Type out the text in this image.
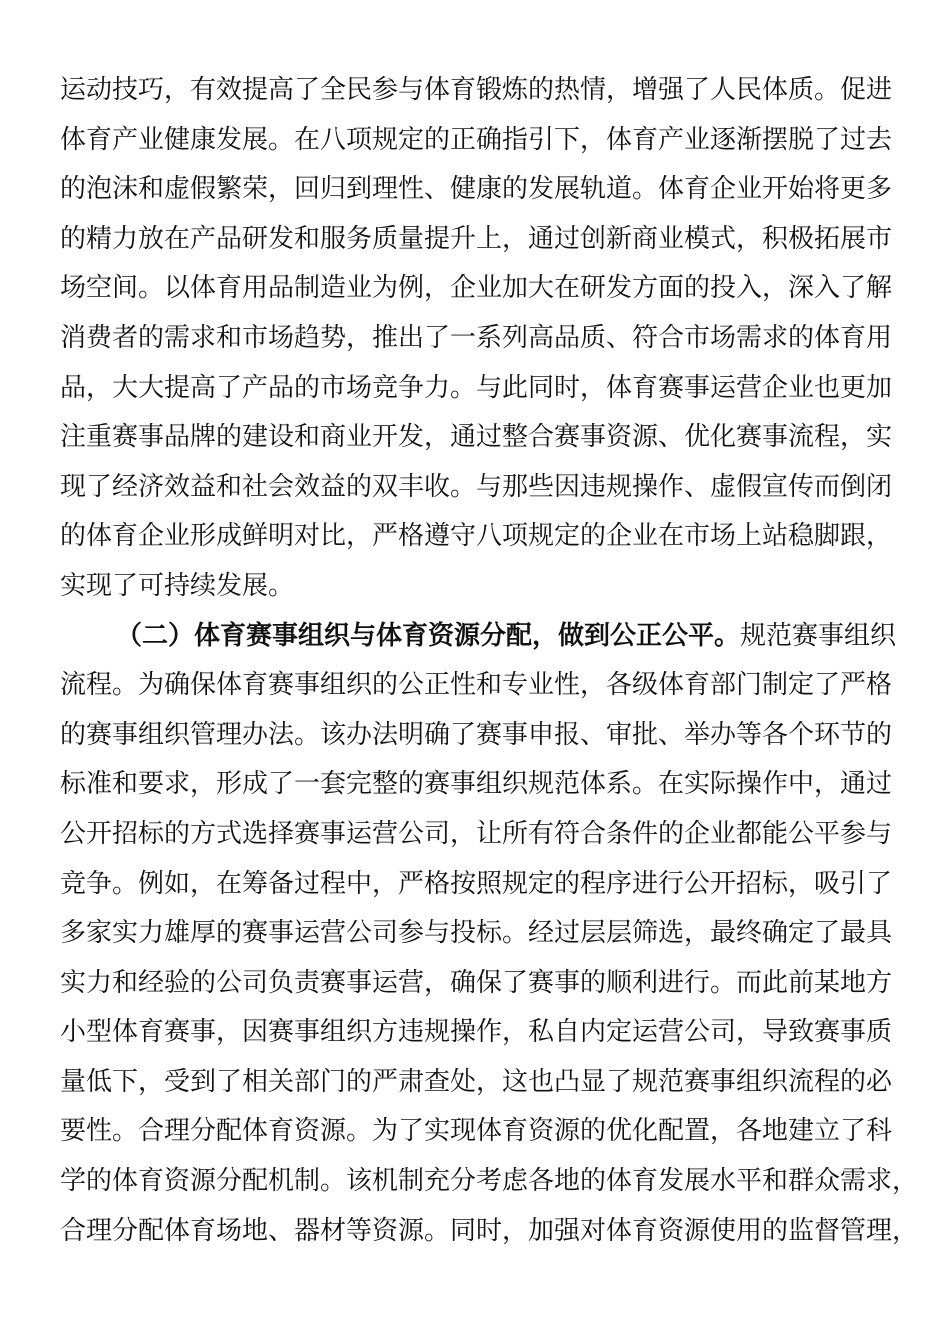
运动技巧，有效提高了全民参与体育锻炼的热情，增强了人民体质。促进
体育产业健康发展。在八项规定的正确指引下，体育产业逐渐摆脱了过去
的泡沫和虚假繁荣，回归到理性、健康的发展轨道。体育企业开始将更多
的精力放在产品研发和服务质量提升上，通过创新商业模式，积极拓展市
场空间。以体育用品制造业为例，企业加大在研发方面的投入，深入了解
消费者的需求和市场趋势，推出了一系列高品质、符合市场需求的体育用
品，大大提高了产品的市场竞争力。与此同时，体育赛事运营企业也更加
注重赛事品牌的建设和商业开发，通过整合赛事资源、优化赛事流程，实
现了经济效益和社会效益的双丰收。与那些因违规操作、虚假宣传而倒闭
的体育企业形成鲜明对比，严格遵守八项规定的企业在市场上站稳脚跟，
实现了可持续发展。
（二）体育赛事组织与体育资源分配，做到公正公平。规范赛事组织
流程。为确保体育赛事组织的公正性和专业性，各级体育部门制定了严格
的赛事组织管理办法。该办法明确了赛事申报、审批、举办等各个环节的
标准和要求，形成了一套完整的赛事组织规范体系。在实际操作中，通过
公开招标的方式选择赛事运营公司，让所有符合条件的企业都能公平参与
竞争。例如，在筹备过程中，严格按照规定的程序进行公开招标，吸引了
多家实力雄厚的赛事运营公司参与投标。经过层层筛选，最终确定了最具
实力和经验的公司负责赛事运营，确保了赛事的顺利进行。而此前某地方
小型体育赛事，因赛事组织方违规操作，私自内定运营公司，导致赛事质
量低下，受到了相关部门的严肃查处，这也凸显了规范赛事组织流程的必
要性。合理分配体育资源。为了实现体育资源的优化配置，各地建立了科
学的体育资源分配机制。该机制充分考虑各地的体育发展水平和群众需求，
合理分配体育场地、器材等资源。同时，加强对体育资源使用的监督管理，
